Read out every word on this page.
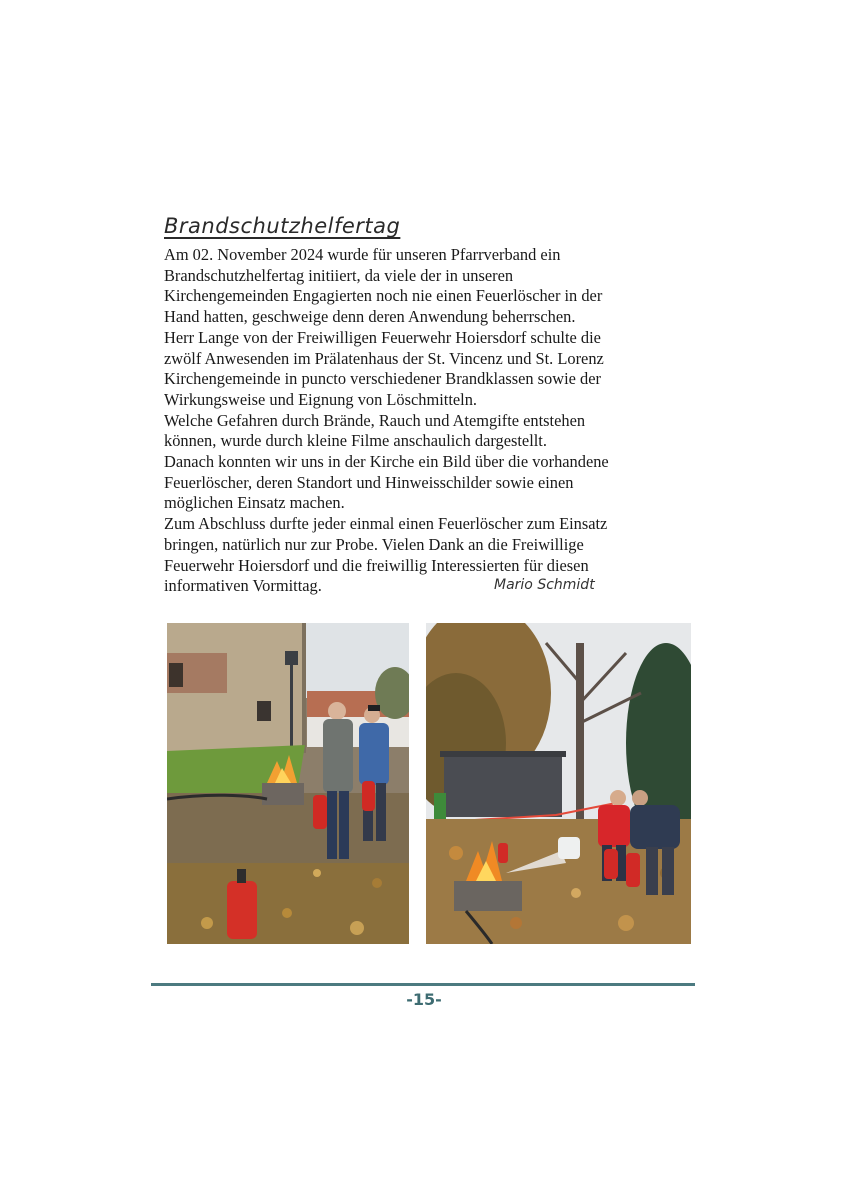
Brandschutzhelfertag
Am 02. November 2024 wurde für unseren Pfarrverband ein
Brandschutzhelfertag initiiert, da viele der in unseren
Kirchengemeinden Engagierten noch nie einen Feuerlöscher in der
Hand hatten, geschweige denn deren Anwendung beherrschen.
Herr Lange von der Freiwilligen Feuerwehr Hoiersdorf schulte die
zwölf Anwesenden im Prälatenhaus der St. Vincenz und St. Lorenz
Kirchengemeinde in puncto verschiedener Brandklassen sowie der
Wirkungsweise und Eignung von Löschmitteln.
Welche Gefahren durch Brände, Rauch und Atemgifte entstehen
können, wurde durch kleine Filme anschaulich dargestellt.
Danach konnten wir uns in der Kirche ein Bild über die vorhandene
Feuerlöscher, deren Standort und Hinweisschilder sowie einen
möglichen Einsatz machen.
Zum Abschluss durfte jeder einmal einen Feuerlöscher zum Einsatz
bringen, natürlich nur zur Probe. Vielen Dank an die Freiwillige
Feuerwehr Hoiersdorf und die freiwillig Interessierten für diesen
informativen Vormittag.	Mario Schmidt
-15-
